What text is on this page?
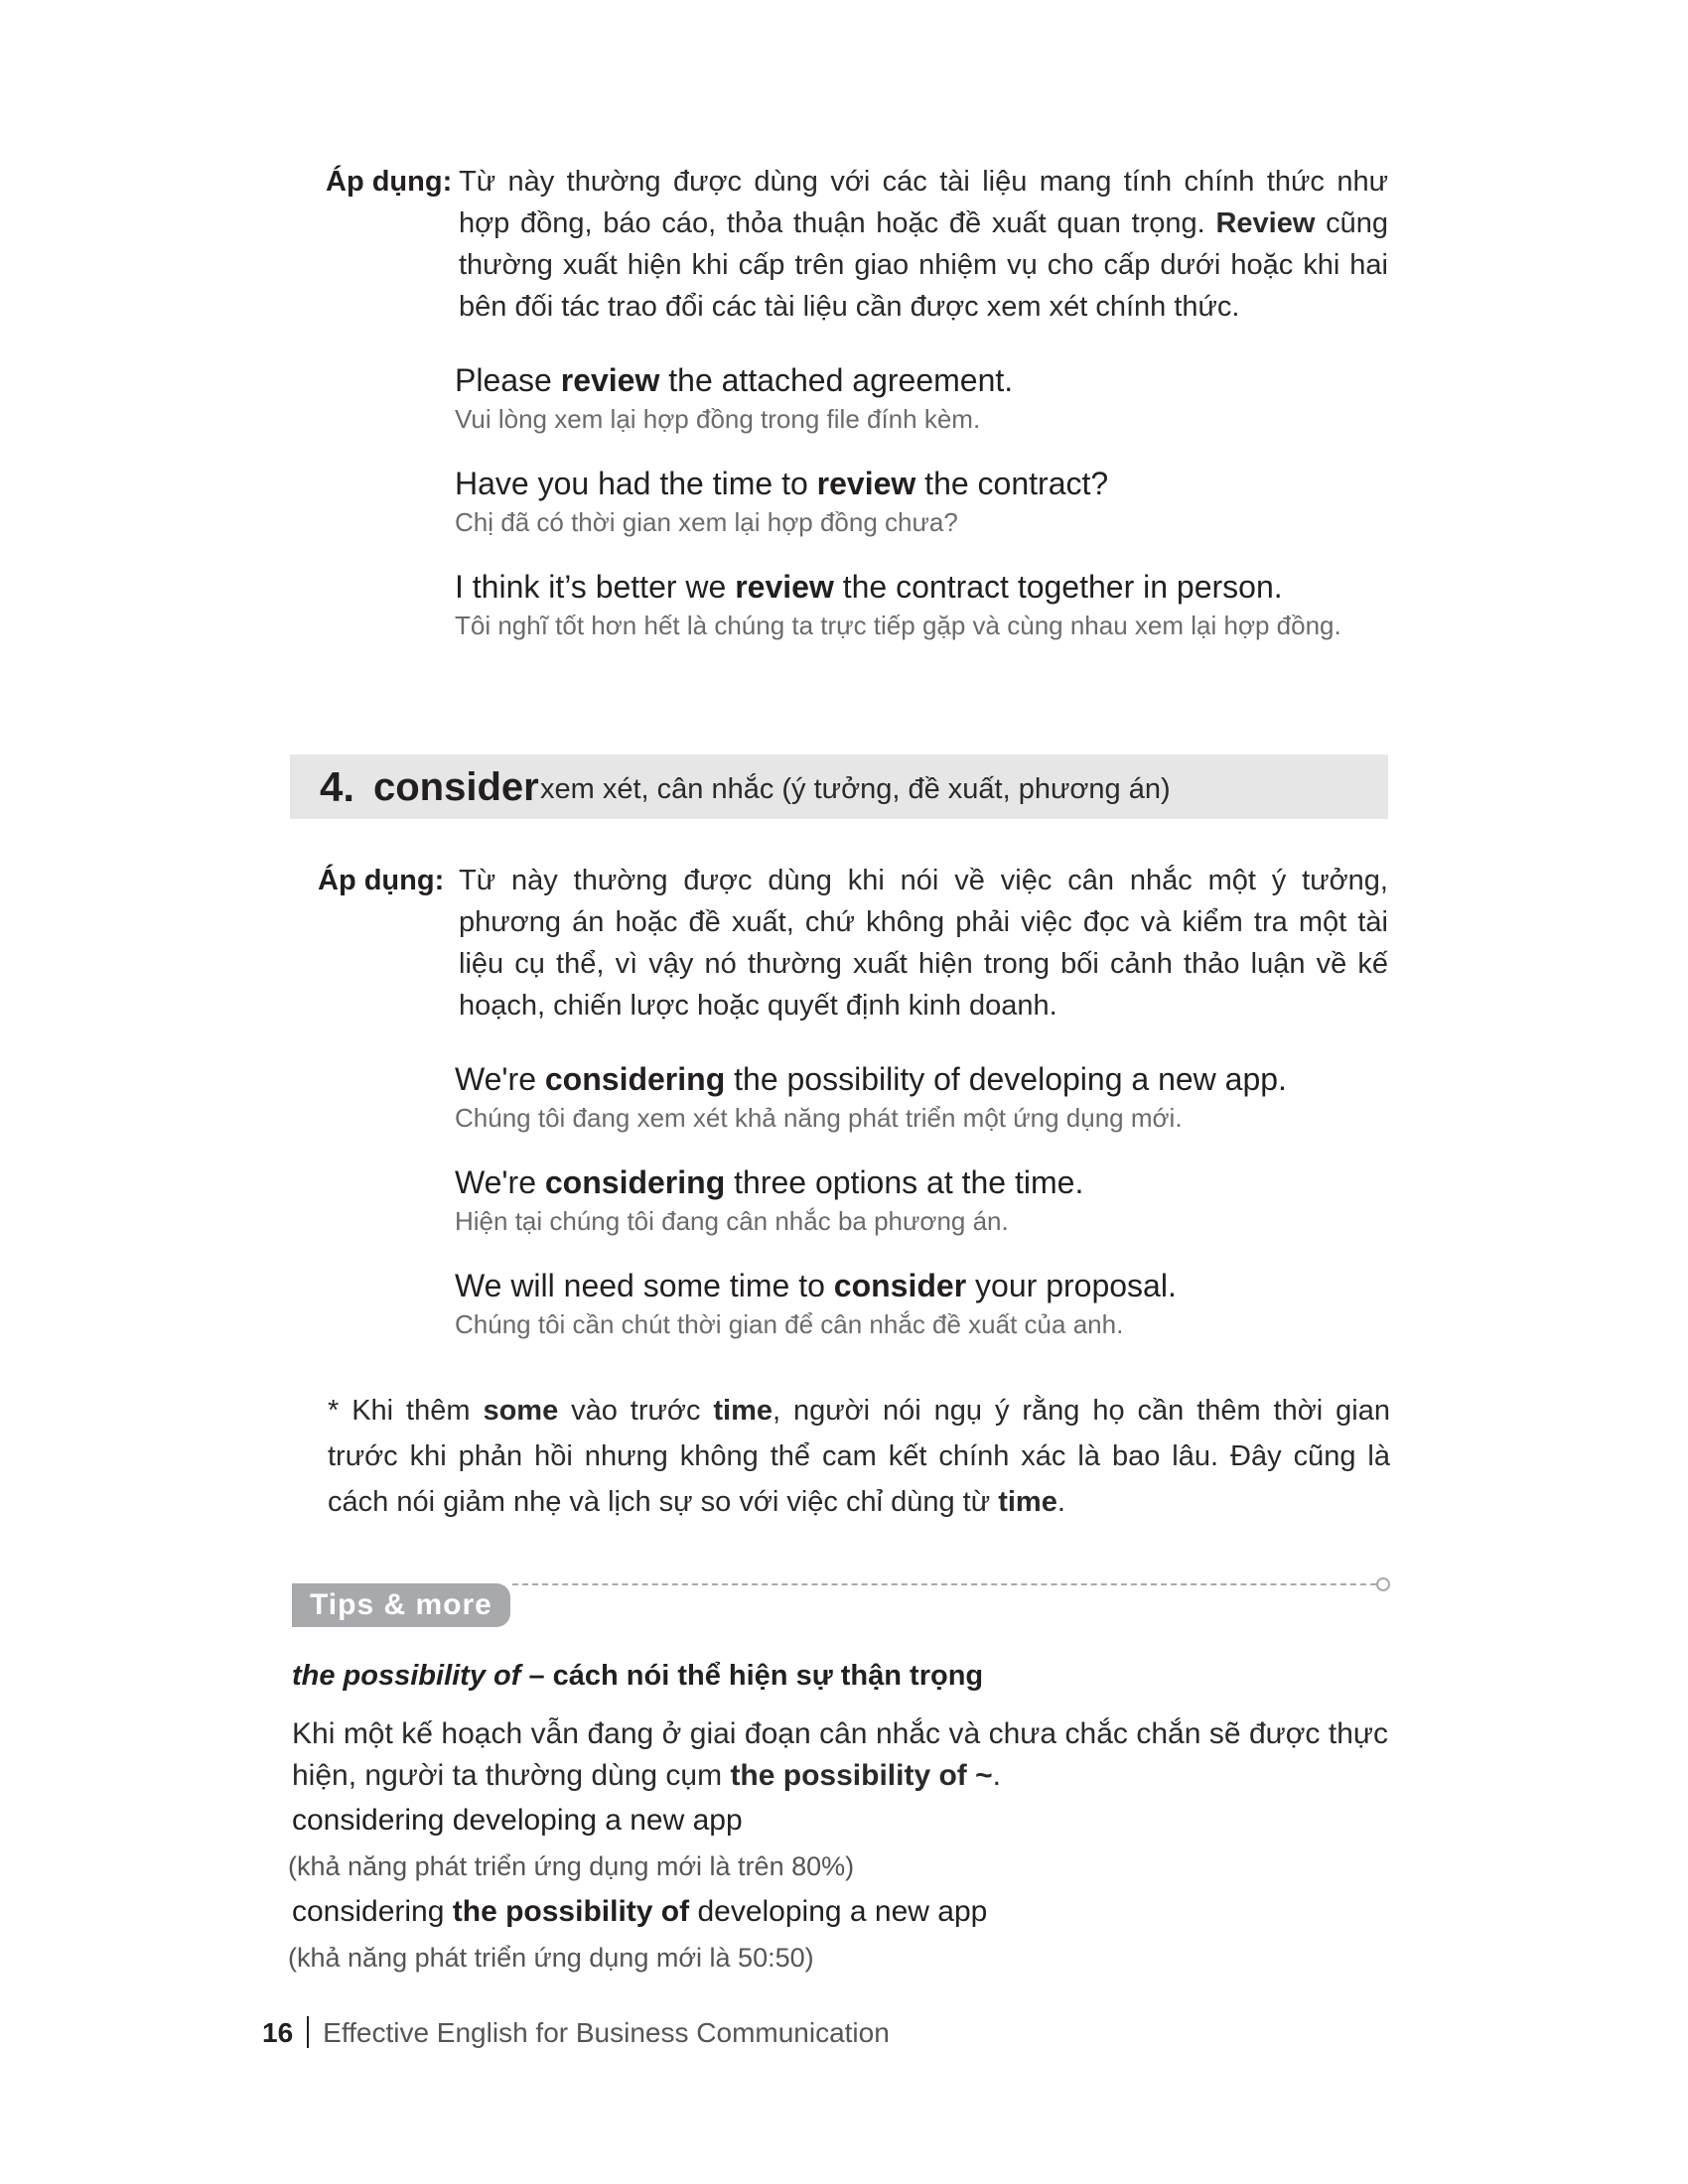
Áp dụng: Từ này thường được dùng với các tài liệu mang tính chính thức như hợp đồng, báo cáo, thỏa thuận hoặc đề xuất quan trọng. Review cũng thường xuất hiện khi cấp trên giao nhiệm vụ cho cấp dưới hoặc khi hai bên đối tác trao đổi các tài liệu cần được xem xét chính thức.
Please review the attached agreement.
Vui lòng xem lại hợp đồng trong file đính kèm.
Have you had the time to review the contract?
Chị đã có thời gian xem lại hợp đồng chưa?
I think it’s better we review the contract together in person.
Tôi nghĩ tốt hơn hết là chúng ta trực tiếp gặp và cùng nhau xem lại hợp đồng.
4. consider xem xét, cân nhắc (ý tưởng, đề xuất, phương án)
Áp dụng: Từ này thường được dùng khi nói về việc cân nhắc một ý tưởng, phương án hoặc đề xuất, chứ không phải việc đọc và kiểm tra một tài liệu cụ thể, vì vậy nó thường xuất hiện trong bối cảnh thảo luận về kế hoạch, chiến lược hoặc quyết định kinh doanh.
We're considering the possibility of developing a new app.
Chúng tôi đang xem xét khả năng phát triển một ứng dụng mới.
We're considering three options at the time.
Hiện tại chúng tôi đang cân nhắc ba phương án.
We will need some time to consider your proposal.
Chúng tôi cần chút thời gian để cân nhắc đề xuất của anh.
* Khi thêm some vào trước time, người nói ngụ ý rằng họ cần thêm thời gian trước khi phản hồi nhưng không thể cam kết chính xác là bao lâu. Đây cũng là cách nói giảm nhẹ và lịch sự so với việc chỉ dùng từ time.
Tips & more
the possibility of – cách nói thể hiện sự thận trọng
Khi một kế hoạch vẫn đang ở giai đoạn cân nhắc và chưa chắc chắn sẽ được thực hiện, người ta thường dùng cụm the possibility of ~.
considering developing a new app
(khả năng phát triển ứng dụng mới là trên 80%)
considering the possibility of developing a new app
(khả năng phát triển ứng dụng mới là 50:50)
16 Effective English for Business Communication
